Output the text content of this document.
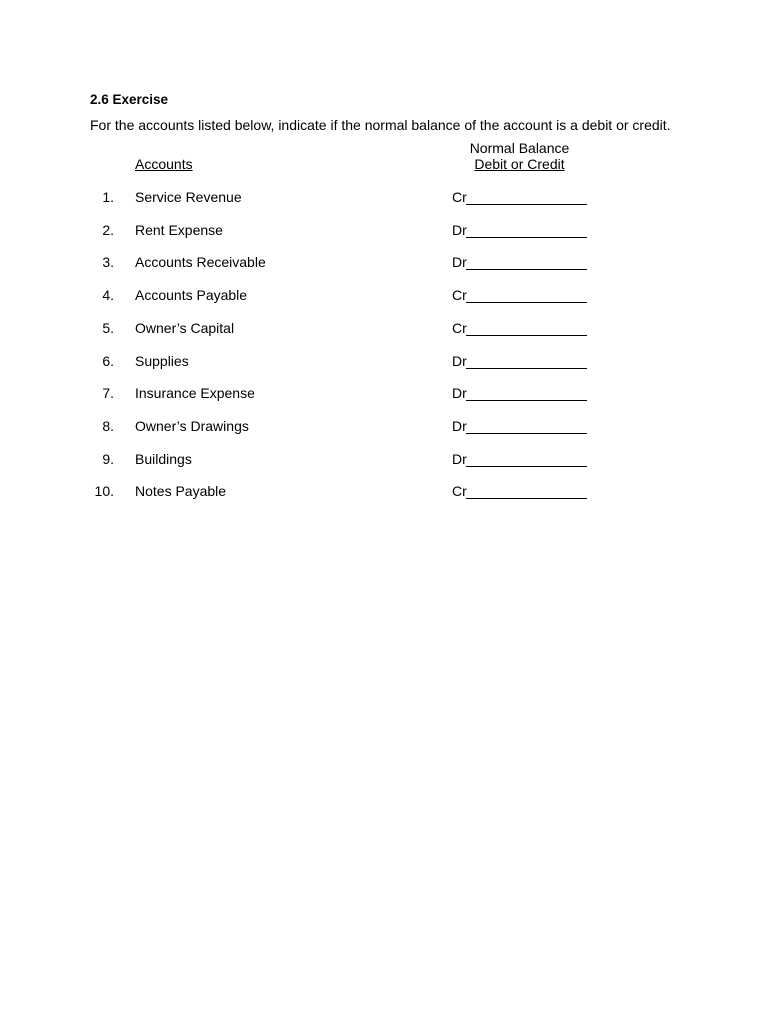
2.6 Exercise
For the accounts listed below, indicate if the normal balance of the account is a debit or credit.
Accounts
Normal Balance
Debit or Credit
1. Service Revenue	Cr
2. Rent Expense	Dr
3. Accounts Receivable	Dr
4. Accounts Payable	Cr
5. Owner’s Capital	Cr
6. Supplies	Dr
7. Insurance Expense	Dr
8. Owner’s Drawings	Dr
9. Buildings	Dr
10. Notes Payable	Cr
